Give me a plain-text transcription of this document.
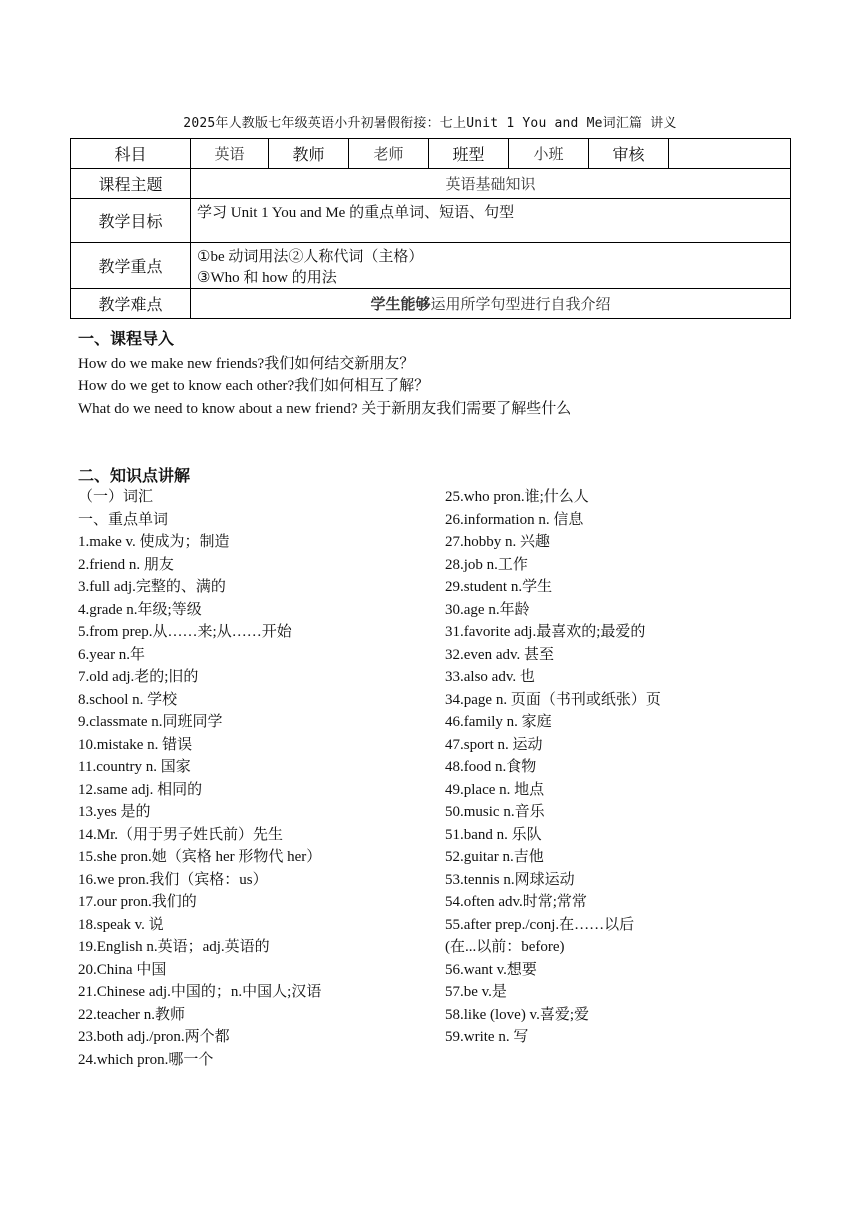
2025年人教版七年级英语小升初暑假衔接：七上Unit 1 You and Me词汇篇 讲义
科目	英语	教师	老师	班型	小班	审核	
课程主题	英语基础知识						
教学目标	学习 Unit 1 You and Me 的重点单词、短语、句型						
教学重点	①be 动词用法②人称代词（主格）
③Who 和 how 的用法						

教学难点	学生能够运用所学句型进行自我介绍						
一、课程导入
How do we make new friends?我们如何结交新朋友？
How do we get to know each other?我们如何相互了解？
What do we need to know about a new friend? 关于新朋友我们需要了解些什么
二、知识点讲解
（一）词汇
一、重点单词
1.make v. 使成为；制造
2.friend n. 朋友
3.full adj.完整的、满的
4.grade n.年级;等级
5.from prep.从……来;从……开始
6.year n.年
7.old adj.老的;旧的
8.school n. 学校
9.classmate n.同班同学
10.mistake n. 错误
11.country n. 国家
12.same adj. 相同的
13.yes 是的
14.Mr.（用于男子姓氏前）先生
15.she pron.她（宾格 her 形物代 her）
16.we pron.我们（宾格：us）
17.our pron.我们的
18.speak v. 说
19.English n.英语；adj.英语的
20.China 中国
21.Chinese adj.中国的；n.中国人;汉语
22.teacher n.教师
23.both adj./pron.两个都
24.which pron.哪一个
25.who pron.谁;什么人
26.information n. 信息
27.hobby n. 兴趣
28.job n.工作
29.student n.学生
30.age n.年龄
31.favorite adj.最喜欢的;最爱的
32.even adv. 甚至
33.also adv. 也
34.page n. 页面（书刊或纸张）页
46.family n. 家庭
47.sport n. 运动
48.food n.食物
49.place n. 地点
50.music n.音乐
51.band n. 乐队
52.guitar n.吉他
53.tennis n.网球运动
54.often adv.时常;常常
55.after prep./conj.在……以后
(在...以前：before)
56.want v.想要
57.be v.是
58.like (love) v.喜爱;爱
59.write n. 写
